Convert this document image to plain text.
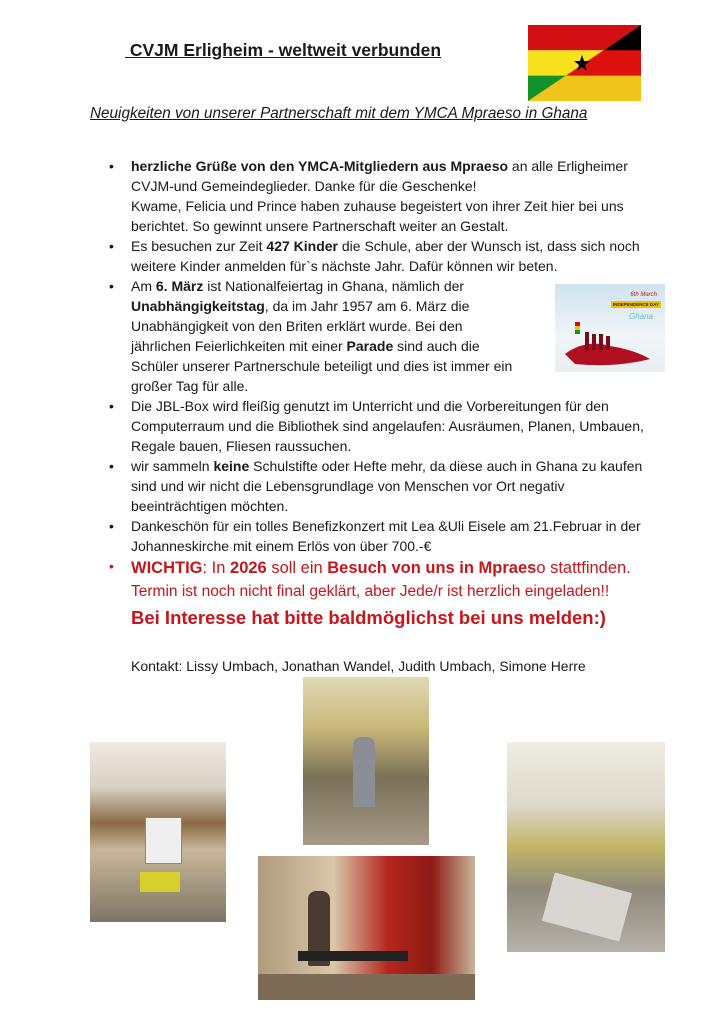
CVJM Erligheim - weltweit verbunden
Neuigkeiten von unserer Partnerschaft mit dem YMCA Mpraeso in Ghana
• herzliche Grüße von den YMCA-Mitgliedern aus Mpraeso an alle Erligheimer
CVJM-und Gemeindeglieder. Danke für die Geschenke!
Kwame, Felicia und Prince haben zuhause begeistert von ihrer Zeit hier bei uns
berichtet. So gewinnt unsere Partnerschaft weiter an Gestalt.
• Es besuchen zur Zeit 427 Kinder die Schule, aber der Wunsch ist, dass sich noch
weitere Kinder anmelden für`s nächste Jahr. Dafür können wir beten.
• Am 6. März ist Nationalfeiertag in Ghana, nämlich der
Unabhängigkeitstag, da im Jahr 1957 am 6. März die
Unabhängigkeit von den Briten erklärt wurde. Bei den
jährlichen Feierlichkeiten mit einer Parade sind auch die
Schüler unserer Partnerschule beteiligt und dies ist immer ein
großer Tag für alle.
• Die JBL-Box wird fleißig genutzt im Unterricht und die Vorbereitungen für den
Computerraum und die Bibliothek sind angelaufen: Ausräumen, Planen, Umbauen,
Regale bauen, Fliesen raussuchen.
• wir sammeln keine Schulstifte oder Hefte mehr, da diese auch in Ghana zu kaufen
sind und wir nicht die Lebensgrundlage von Menschen vor Ort negativ
beeinträchtigen möchten.
• Dankeschön für ein tolles Benefizkonzert mit Lea &Uli Eisele am 21.Februar in der
Johanneskirche mit einem Erlös von über 700.-€
• WICHTIG: In 2026 soll ein Besuch von uns in Mpraeso stattfinden.
Termin ist noch nicht final geklärt, aber Jede/r ist herzlich eingeladen!!
Bei Interesse hat bitte baldmöglichst bei uns melden:)
6th March
INDEPENDENCE DAY
Ghana
Kontakt: Lissy Umbach, Jonathan Wandel, Judith Umbach, Simone Herre
